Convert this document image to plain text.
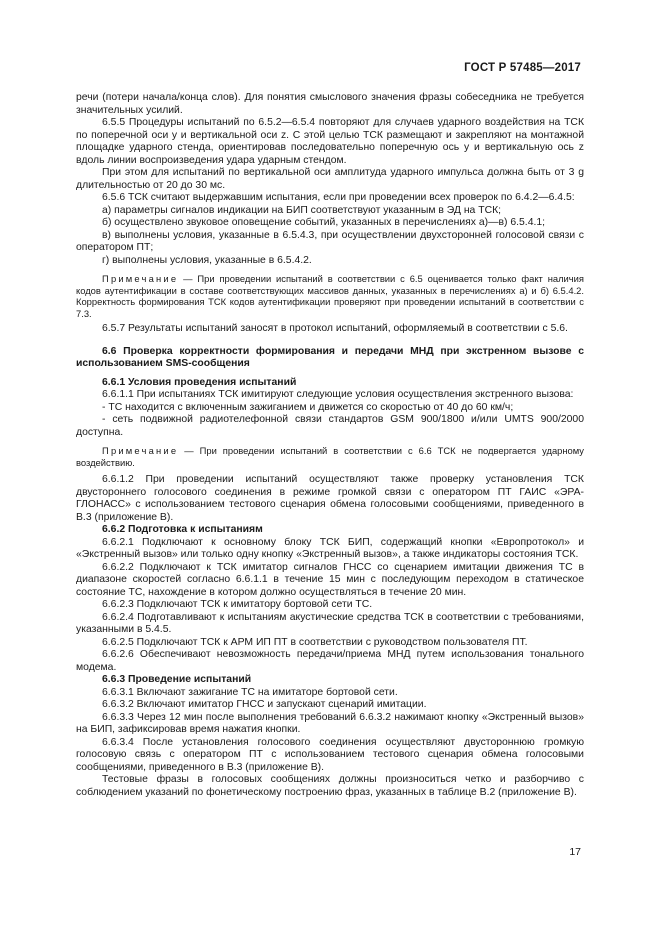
ГОСТ Р 57485—2017

речи (потери начала/конца слов). Для понятия смыслового значения фразы собеседника не требуется значительных усилий.

6.5.5 Процедуры испытаний по 6.5.2—6.5.4 повторяют для случаев ударного воздействия на ТСК по поперечной оси y и вертикальной оси z. С этой целью ТСК размещают и закрепляют на монтажной площадке ударного стенда, ориентировав последовательно поперечную ось y и вертикальную ось z вдоль линии воспроизведения удара ударным стендом.

При этом для испытаний по вертикальной оси амплитуда ударного импульса должна быть от 3 g длительностью от 20 до 30 мс.

6.5.6 ТСК считают выдержавшим испытания, если при проведении всех проверок по 6.4.2—6.4.5:

а) параметры сигналов индикации на БИП соответствуют указанным в ЭД на ТСК;

б) осуществлено звуковое оповещение событий, указанных в перечислениях а)—в) 6.5.4.1;

в) выполнены условия, указанные в 6.5.4.3, при осуществлении двухсторонней голосовой связи с оператором ПТ;

г) выполнены условия, указанные в 6.5.4.2.

Примечание — При проведении испытаний в соответствии с 6.5 оценивается только факт наличия кодов аутентификации в составе соответствующих массивов данных, указанных в перечислениях а) и б) 6.5.4.2. Корректность формирования ТСК кодов аутентификации проверяют при проведении испытаний в соответствии с 7.3.

6.5.7 Результаты испытаний заносят в протокол испытаний, оформляемый в соответствии с 5.6.

6.6 Проверка корректности формирования и передачи МНД при экстренном вызове с использованием SMS-сообщения

6.6.1 Условия проведения испытаний

6.6.1.1 При испытаниях ТСК имитируют следующие условия осуществления экстренного вызова:

- ТС находится с включенным зажиганием и движется со скоростью от 40 до 60 км/ч;

- сеть подвижной радиотелефонной связи стандартов GSM 900/1800 и/или UMTS 900/2000 доступна.

Примечание — При проведении испытаний в соответствии с 6.6 ТСК не подвергается ударному воздействию.

6.6.1.2 При проведении испытаний осуществляют также проверку установления ТСК двустороннего голосового соединения в режиме громкой связи с оператором ПТ ГАИС «ЭРА-ГЛОНАСС» с использованием тестового сценария обмена голосовыми сообщениями, приведенного в В.3 (приложение В).

6.6.2 Подготовка к испытаниям

6.6.2.1 Подключают к основному блоку ТСК БИП, содержащий кнопки «Европротокол» и «Экстренный вызов» или только одну кнопку «Экстренный вызов», а также индикаторы состояния ТСК.

6.6.2.2 Подключают к ТСК имитатор сигналов ГНСС со сценарием имитации движения ТС в диапазоне скоростей согласно 6.6.1.1 в течение 15 мин с последующим переходом в статическое состояние ТС, нахождение в котором должно осуществляться в течение 20 мин.

6.6.2.3 Подключают ТСК к имитатору бортовой сети ТС.

6.6.2.4 Подготавливают к испытаниям акустические средства ТСК в соответствии с требованиями, указанными в 5.4.5.

6.6.2.5 Подключают ТСК к АРМ ИП ПТ в соответствии с руководством пользователя ПТ.

6.6.2.6 Обеспечивают невозможность передачи/приема МНД путем использования тонального модема.

6.6.3 Проведение испытаний

6.6.3.1 Включают зажигание ТС на имитаторе бортовой сети.

6.6.3.2 Включают имитатор ГНСС и запускают сценарий имитации.

6.6.3.3 Через 12 мин после выполнения требований 6.6.3.2 нажимают кнопку «Экстренный вызов» на БИП, зафиксировав время нажатия кнопки.

6.6.3.4 После установления голосового соединения осуществляют двустороннюю громкую голосовую связь с оператором ПТ с использованием тестового сценария обмена голосовыми сообщениями, приведенного в В.3 (приложение В).

Тестовые фразы в голосовых сообщениях должны произноситься четко и разборчиво с соблюдением указаний по фонетическому построению фраз, указанных в таблице В.2 (приложение В).

17
